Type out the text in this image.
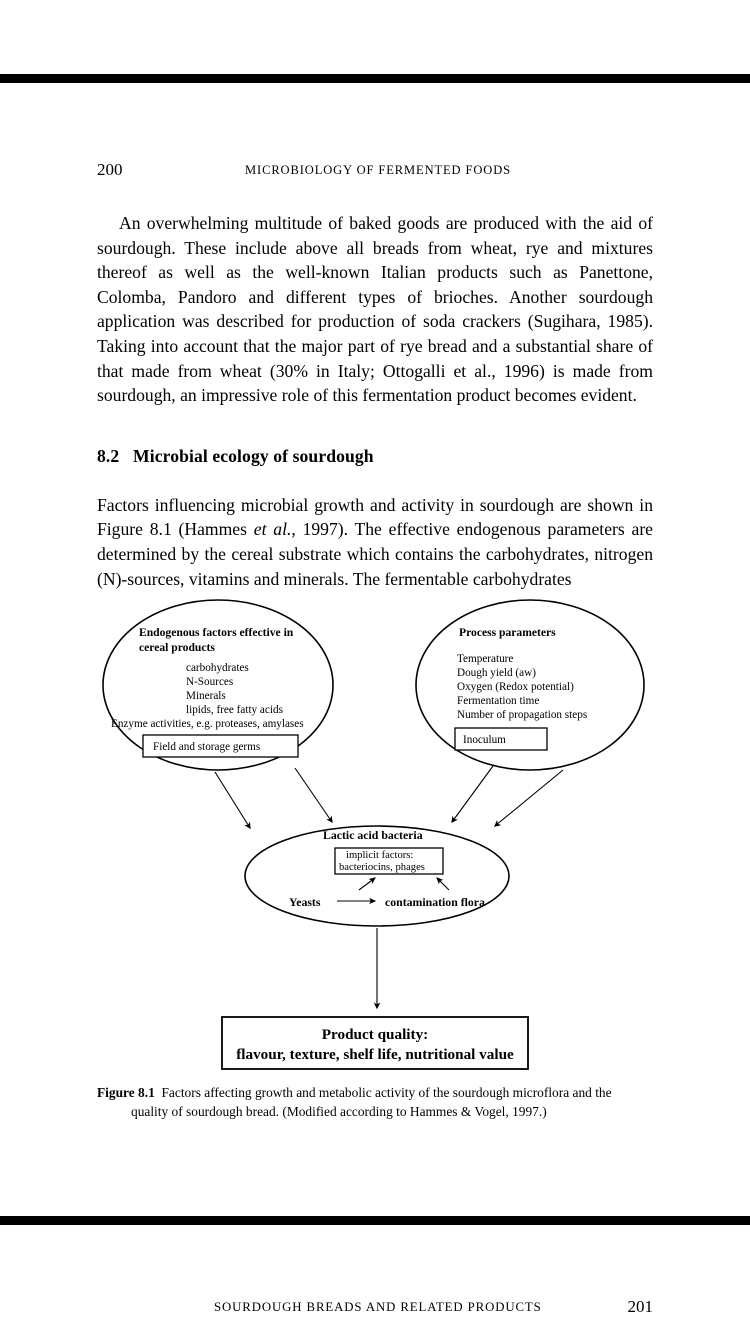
200	MICROBIOLOGY OF FERMENTED FOODS

An overwhelming multitude of baked goods are produced with the aid of sourdough. These include above all breads from wheat, rye and mixtures thereof as well as the well-known Italian products such as Panettone, Colomba, Pandoro and different types of brioches. Another sourdough application was described for production of soda crackers (Sugihara, 1985). Taking into account that the major part of rye bread and a substantial share of that made from wheat (30% in Italy; Ottogalli et al., 1996) is made from sourdough, an impressive role of this fermentation product becomes evident.

8.2 Microbial ecology of sourdough

Factors influencing microbial growth and activity in sourdough are shown in Figure 8.1 (Hammes et al., 1997). The effective endogenous parameters are determined by the cereal substrate which contains the carbohydrates, nitrogen (N)-sources, vitamins and minerals. The fermentable carbohydrates

Endogenous factors effective in
cereal products
carbohydrates
N-Sources
Minerals
lipids, free fatty acids
Enzyme activities, e.g. proteases, amylases
Field and storage germs
Process parameters
Temperature
Dough yield (aw)
Oxygen (Redox potential)
Fermentation time
Number of propagation steps
Inoculum
Lactic acid bacteria
implicit factors:
bacteriocins, phages
Yeasts	contamination flora
Product quality:
flavour, texture, shelf life, nutritional value
Figure 8.1 Factors affecting growth and metabolic activity of the sourdough microflora and the
quality of sourdough bread. (Modified according to Hammes & Vogel, 1997.)
SOURDOUGH BREADS AND RELATED PRODUCTS	201
